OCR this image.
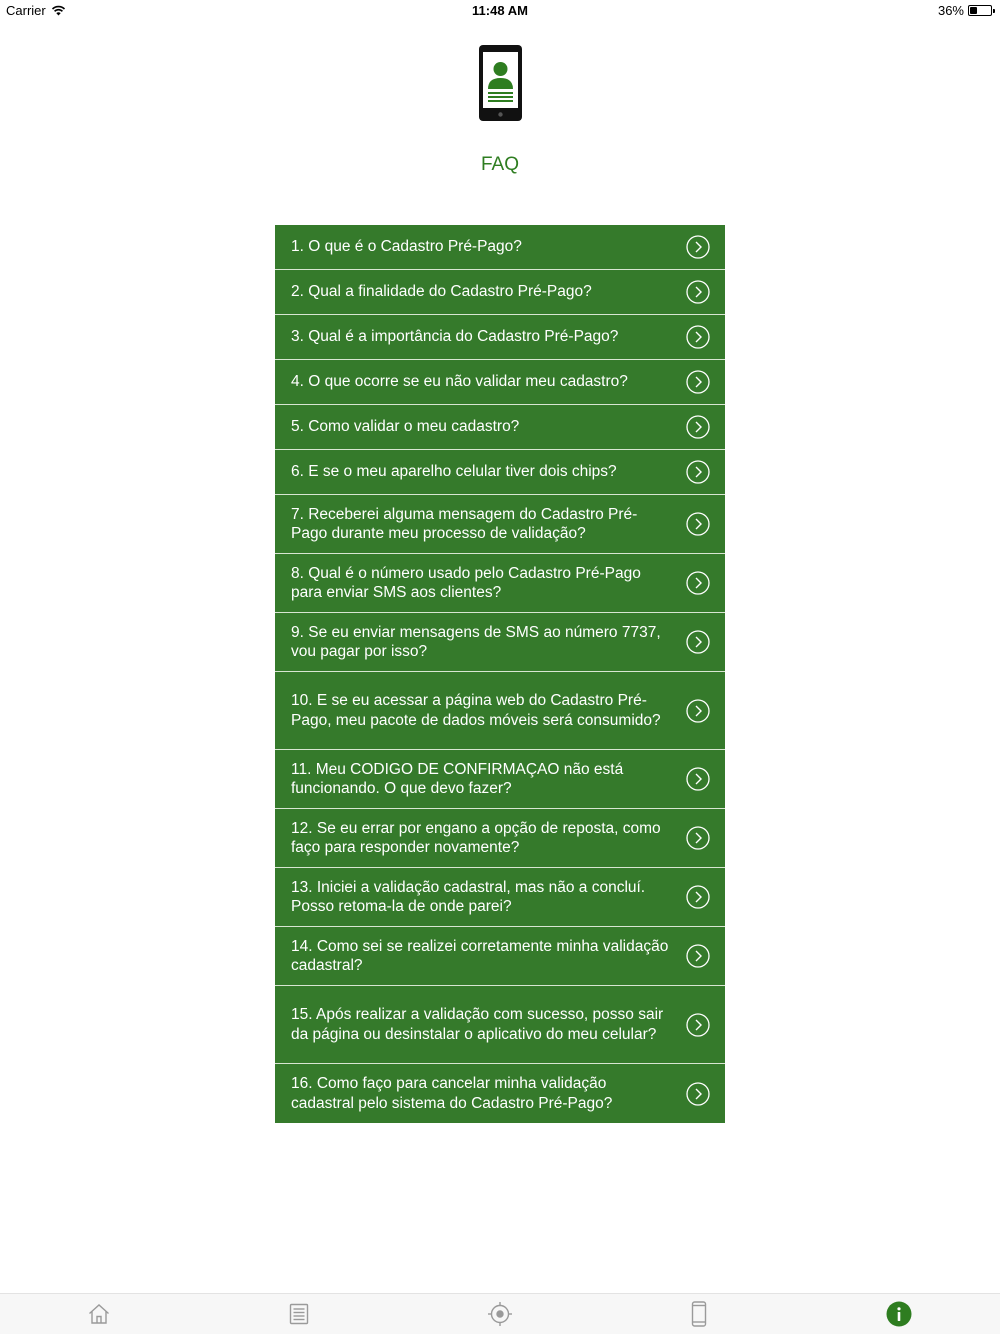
Carrier	11:48 AM	36%
FAQ
1. O que é o Cadastro Pré-Pago?
2. Qual a finalidade do Cadastro Pré-Pago?
3. Qual é a importância do Cadastro Pré-Pago?
4. O que ocorre se eu não validar meu cadastro?
5. Como validar o meu cadastro?
6. E se o meu aparelho celular tiver dois chips?
7. Receberei alguma mensagem do Cadastro Pré-Pago durante meu processo de validação?
8. Qual é o número usado pelo Cadastro Pré-Pago para enviar SMS aos clientes?
9. Se eu enviar mensagens de SMS ao número 7737, vou pagar por isso?
10. E se eu acessar a página web do Cadastro Pré-Pago, meu pacote de dados móveis será consumido?
11. Meu CODIGO DE CONFIRMAÇAO não está funcionando. O que devo fazer?
12. Se eu errar por engano a opção de reposta, como faço para responder novamente?
13. Iniciei a validação cadastral, mas não a concluí. Posso retoma-la de onde parei?
14. Como sei se realizei corretamente minha validação cadastral?
15. Após realizar a validação com sucesso, posso sair da página ou desinstalar o aplicativo do meu celular?
16. Como faço para cancelar minha validação cadastral pelo sistema do Cadastro Pré-Pago?
